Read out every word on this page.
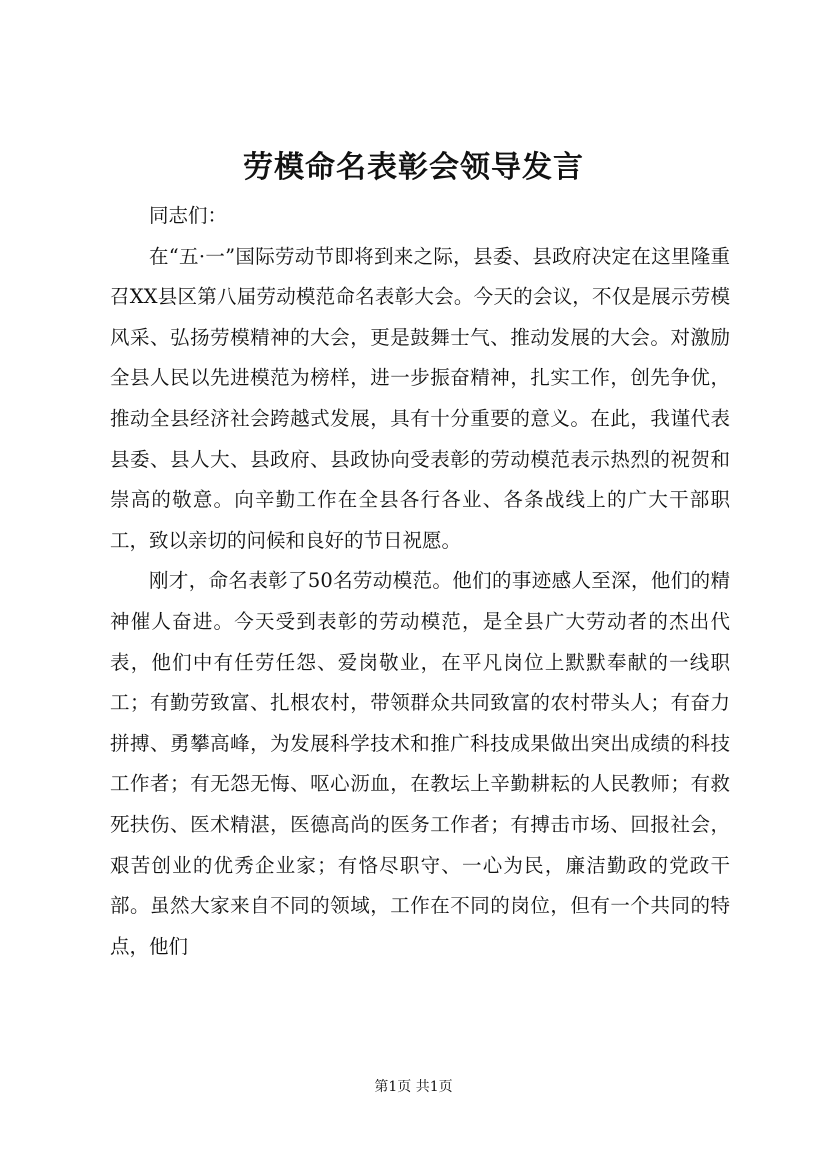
劳模命名表彰会领导发言

同志们：

在“五·一”国际劳动节即将到来之际，县委、县政府决定在这里隆重召XX县区第八届劳动模范命名表彰大会。今天的会议，不仅是展示劳模风采、弘扬劳模精神的大会，更是鼓舞士气、推动发展的大会。对激励全县人民以先进模范为榜样，进一步振奋精神，扎实工作，创先争优，推动全县经济社会跨越式发展，具有十分重要的意义。在此，我谨代表县委、县人大、县政府、县政协向受表彰的劳动模范表示热烈的祝贺和崇高的敬意。向辛勤工作在全县各行各业、各条战线上的广大干部职工，致以亲切的问候和良好的节日祝愿。

刚才，命名表彰了50名劳动模范。他们的事迹感人至深，他们的精神催人奋进。今天受到表彰的劳动模范，是全县广大劳动者的杰出代表，他们中有任劳任怨、爱岗敬业，在平凡岗位上默默奉献的一线职工；有勤劳致富、扎根农村，带领群众共同致富的农村带头人；有奋力拼搏、勇攀高峰，为发展科学技术和推广科技成果做出突出成绩的科技工作者；有无怨无悔、呕心沥血，在教坛上辛勤耕耘的人民教师；有救死扶伤、医术精湛，医德高尚的医务工作者；有搏击市场、回报社会，艰苦创业的优秀企业家；有恪尽职守、一心为民，廉洁勤政的党政干部。虽然大家来自不同的领域，工作在不同的岗位，但有一个共同的特点，他们

第1页 共1页
